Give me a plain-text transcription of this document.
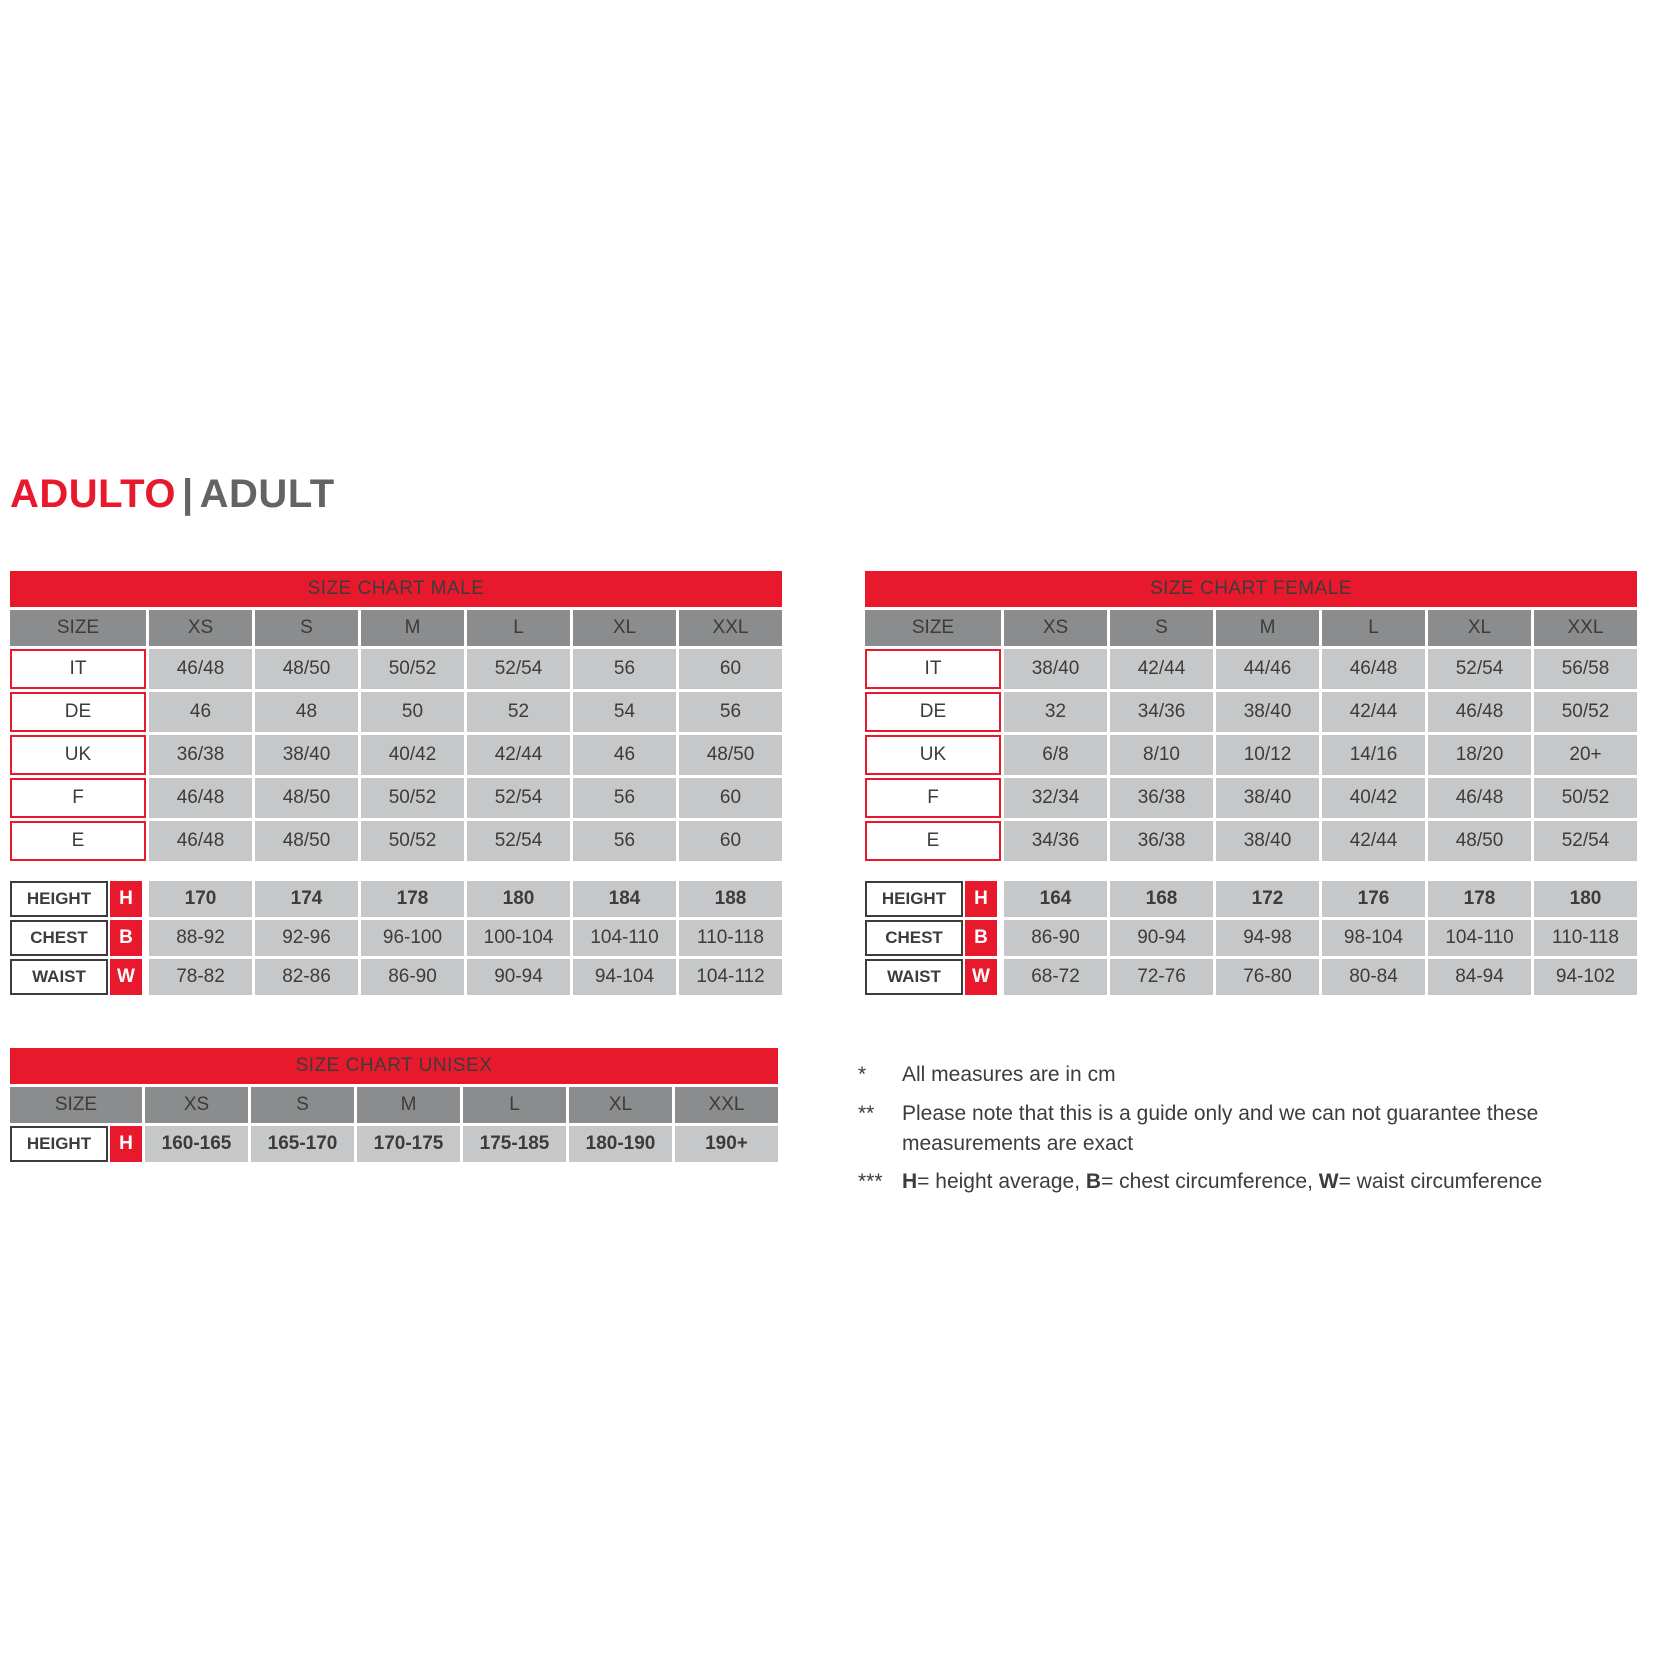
ADULTO | ADULT
SIZE CHART MALE						
SIZE	XS	S	M	L	XL	XXL
IT	46/48	48/50	50/52	52/54	56	60
DE	46	48	50	52	54	56
UK	36/38	38/40	40/42	42/44	46	48/50
F	46/48	48/50	50/52	52/54	56	60
E	46/48	48/50	50/52	52/54	56	60

HEIGHT H	170	174	178	180	184	188

CHEST B	88-92	92-96	96-100	100-104	104-110	110-118

WAIST W	78-82	82-86	86-90	90-94	94-104	104-112
SIZE CHART FEMALE						
SIZE	XS	S	M	L	XL	XXL
IT	38/40	42/44	44/46	46/48	52/54	56/58
DE	32	34/36	38/40	42/44	46/48	50/52
UK	6/8	8/10	10/12	14/16	18/20	20+
F	32/34	36/38	38/40	40/42	46/48	50/52
E	34/36	36/38	38/40	42/44	48/50	52/54

HEIGHT H	164	168	172	176	178	180

CHEST B	86-90	90-94	94-98	98-104	104-110	110-118

WAIST W	68-72	72-76	76-80	80-84	84-94	94-102
SIZE CHART UNISEX						
SIZE	XS	S	M	L	XL	XXL

HEIGHT H	160-165	165-170	170-175	175-185	180-190	190+
*	All measures are in cm
**	Please note that this is a guide only and we can not guarantee these measurements are exact
*** H= height average, B= chest circumference, W= waist circumference
